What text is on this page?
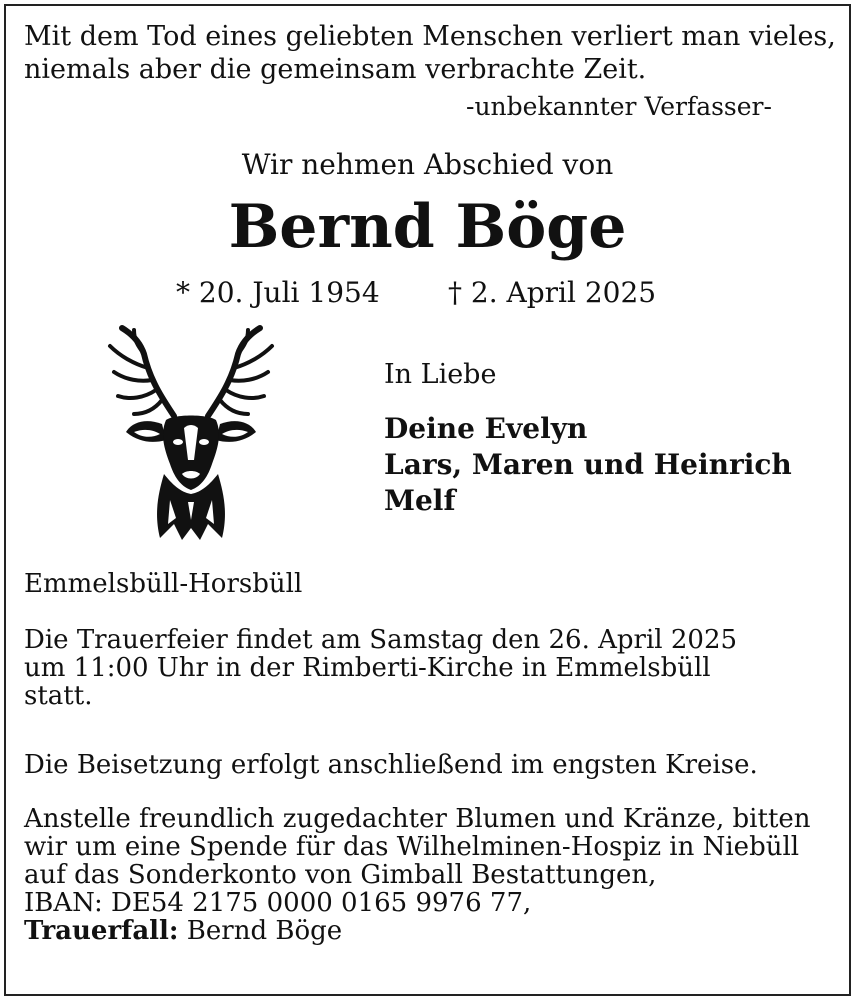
Mit dem Tod eines geliebten Menschen verliert man vieles,
niemals aber die gemeinsam verbrachte Zeit.
-unbekannter Verfasser-
Wir nehmen Abschied von
Bernd Böge
* 20. Juli 1954 † 2. April 2025
In Liebe
Deine Evelyn
Lars, Maren und Heinrich
Melf
Emmelsbüll-Horsbüll
Die Trauerfeier findet am Samstag den 26. April 2025
um 11:00 Uhr in der Rimberti-Kirche in Emmelsbüll
statt.
Die Beisetzung erfolgt anschließend im engsten Kreise.
Anstelle freundlich zugedachter Blumen und Kränze, bitten
wir um eine Spende für das Wilhelminen-Hospiz in Niebüll
auf das Sonderkonto von Gimball Bestattungen,
IBAN: DE54 2175 0000 0165 9976 77,
Trauerfall: Bernd Böge
